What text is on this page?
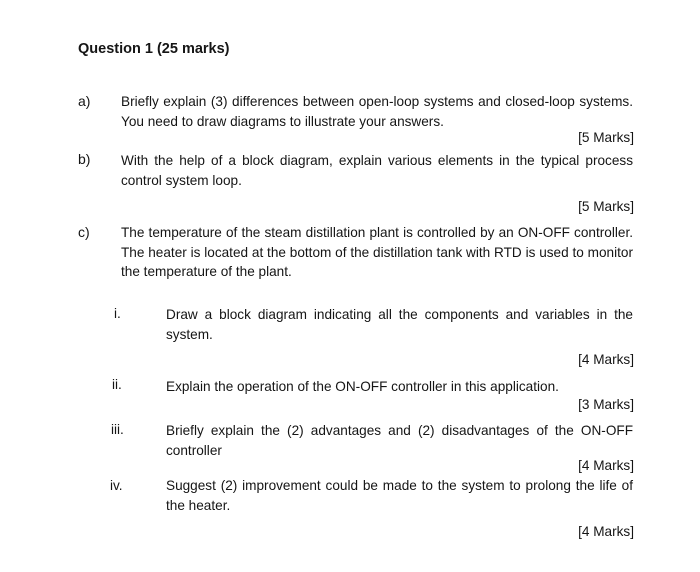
Question 1 (25 marks)
a) Briefly explain (3) differences between open-loop systems and closed-loop systems. You need to draw diagrams to illustrate your answers.
[5 Marks]
b) With the help of a block diagram, explain various elements in the typical process control system loop.
[5 Marks]
c) The temperature of the steam distillation plant is controlled by an ON-OFF controller. The heater is located at the bottom of the distillation tank with RTD is used to monitor the temperature of the plant.
i.	Draw a block diagram indicating all the components and variables in the system.
[4 Marks]
ii.	Explain the operation of the ON-OFF controller in this application.
[3 Marks]
iii.	Briefly explain the (2) advantages and (2) disadvantages of the ON-OFF controller
[4 Marks]
iv.	Suggest (2) improvement could be made to the system to prolong the life of the heater.
[4 Marks]
